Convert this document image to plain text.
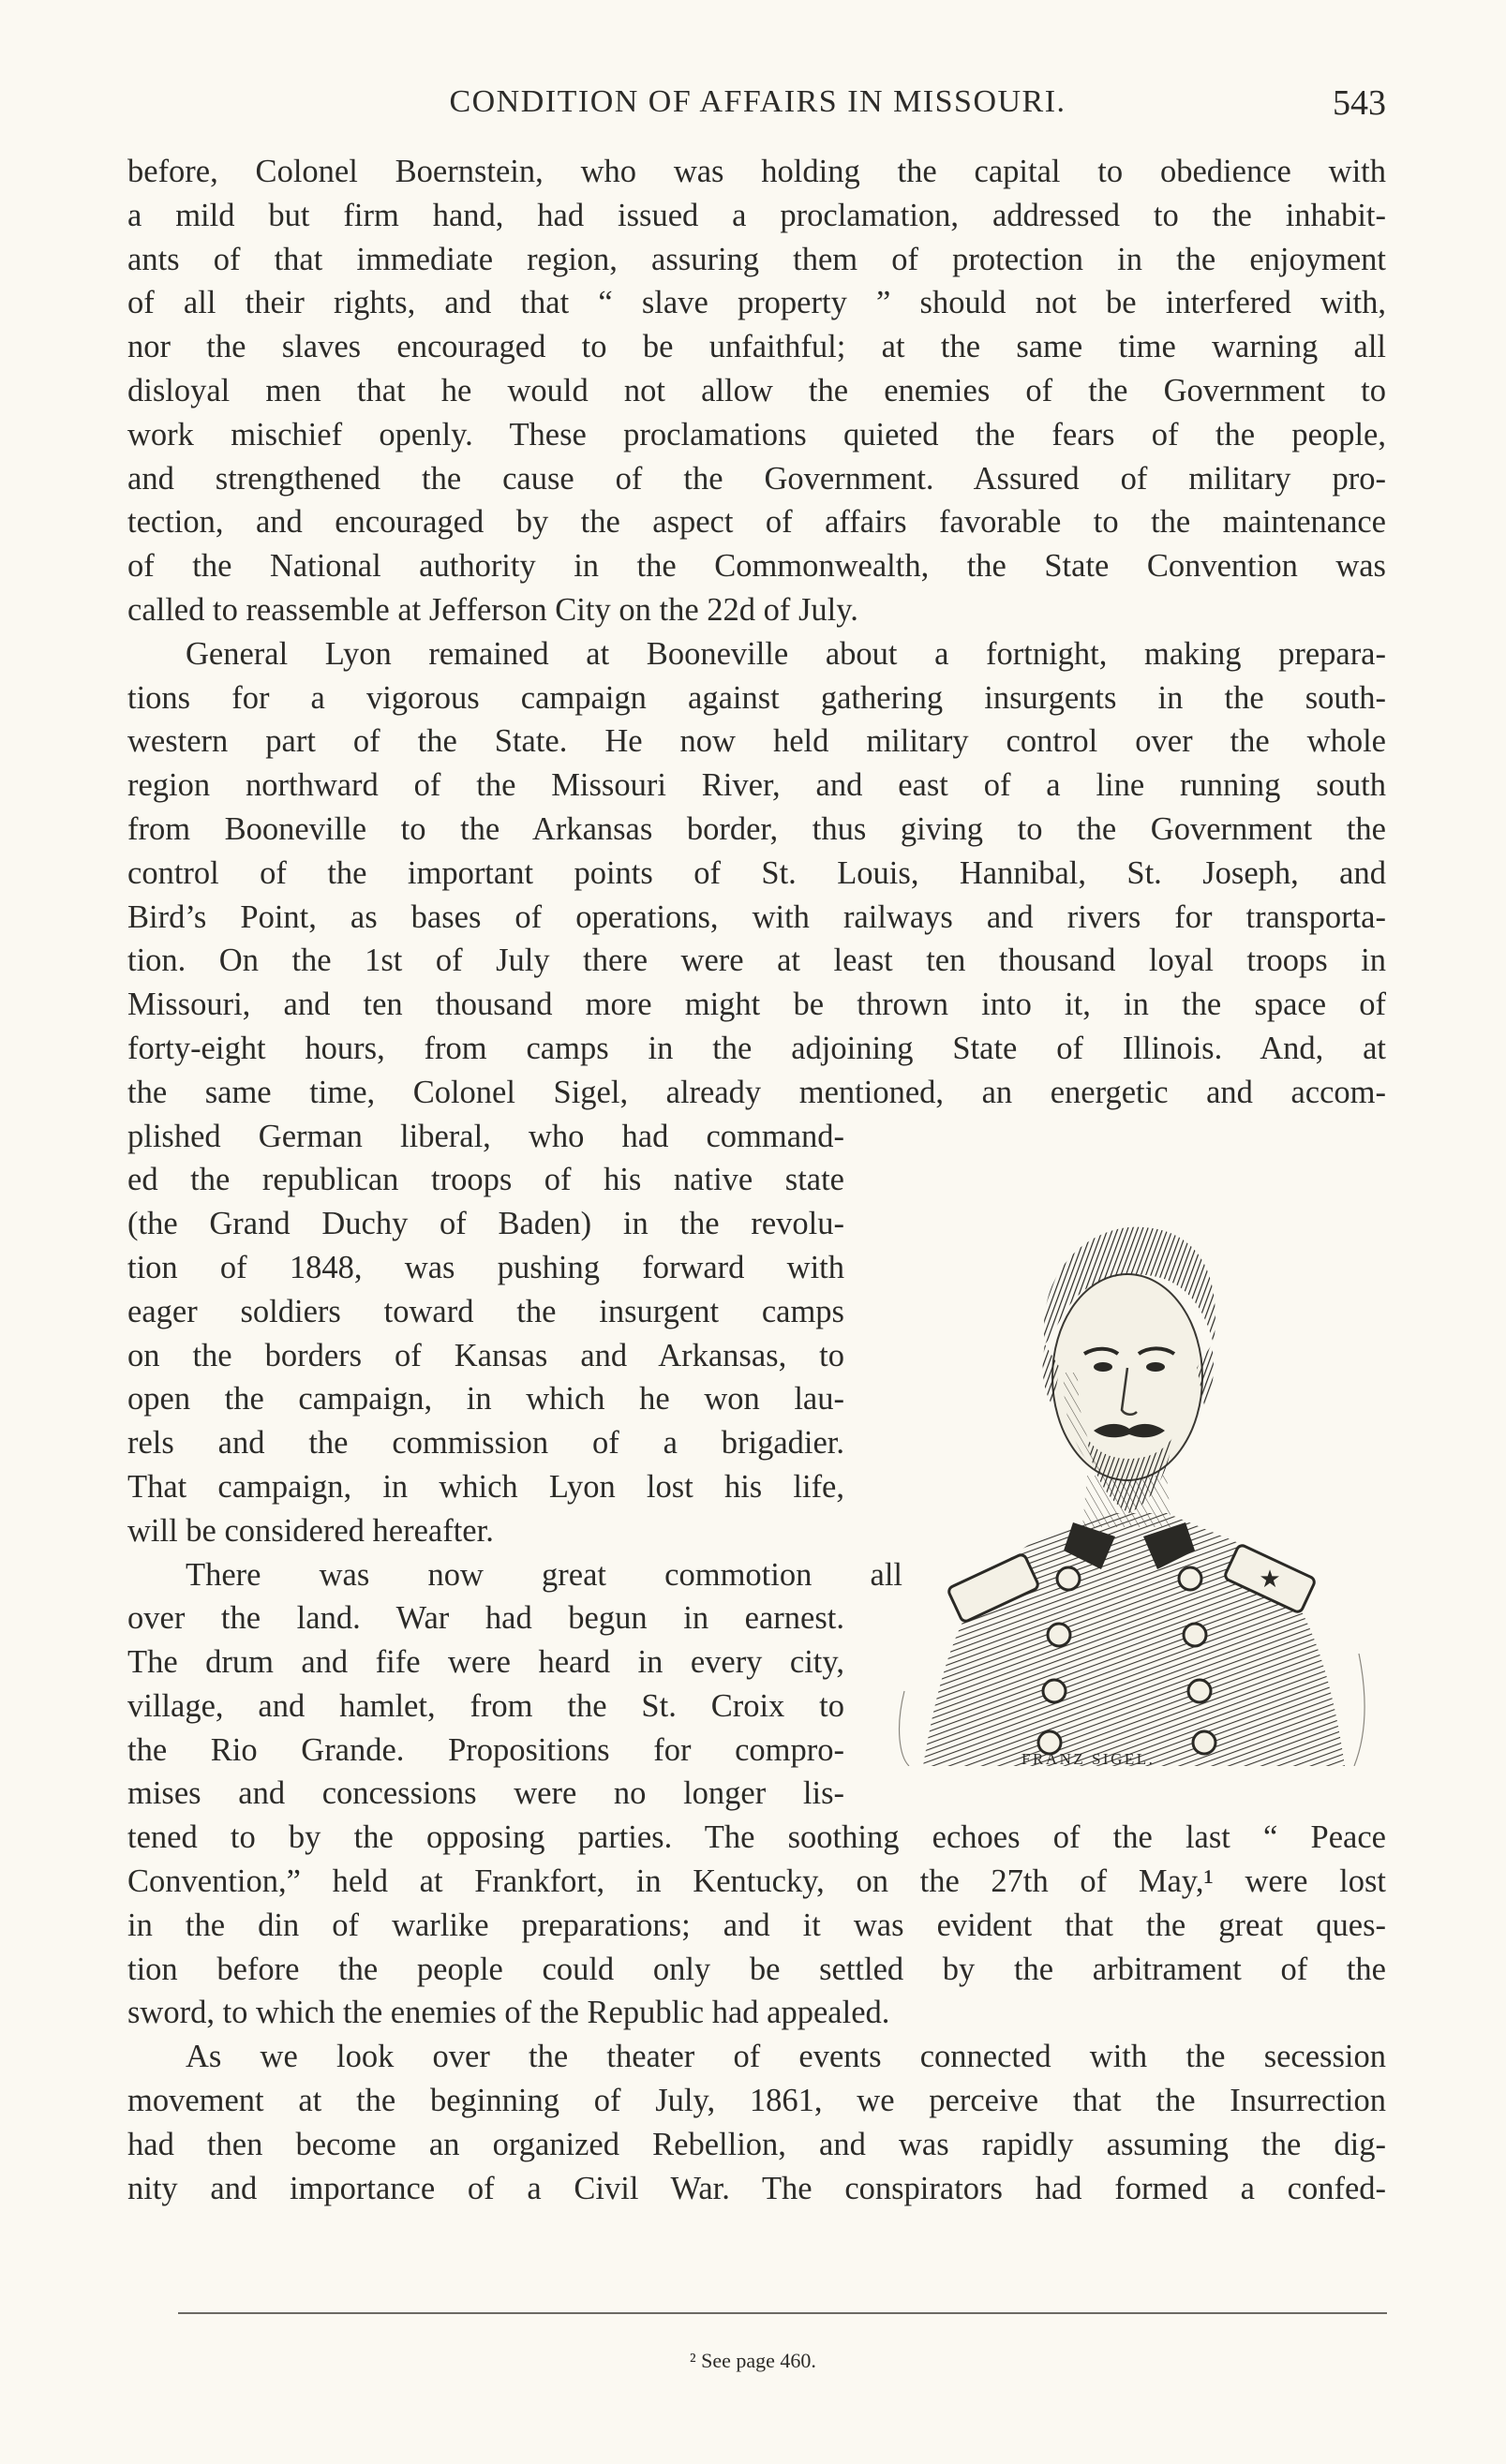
CONDITION OF AFFAIRS IN MISSOURI.	543
before, Colonel Boernstein, who was holding the capital to obedience with
a mild but firm hand, had issued a proclamation, addressed to the inhabit-
ants of that immediate region, assuring them of protection in the enjoyment
of all their rights, and that “ slave property ” should not be interfered with,
nor the slaves encouraged to be unfaithful; at the same time warning all
disloyal men that he would not allow the enemies of the Government to
work mischief openly. These proclamations quieted the fears of the people,
and strengthened the cause of the Government. Assured of military pro-
tection, and encouraged by the aspect of affairs favorable to the maintenance
of the National authority in the Commonwealth, the State Convention was
called to reassemble at Jefferson City on the 22d of July.
General Lyon remained at Booneville about a fortnight, making prepara-
tions for a vigorous campaign against gathering insurgents in the south-
western part of the State. He now held military control over the whole
region northward of the Missouri River, and east of a line running south
from Booneville to the Arkansas border, thus giving to the Government the
control of the important points of St. Louis, Hannibal, St. Joseph, and
Bird’s Point, as bases of operations, with railways and rivers for transporta-
tion. On the 1st of July there were at least ten thousand loyal troops in
Missouri, and ten thousand more might be thrown into it, in the space of
forty-eight hours, from camps in the adjoining State of Illinois. And, at
the same time, Colonel Sigel, already mentioned, an energetic and accom-
plished German liberal, who had command-
ed the republican troops of his native state
(the Grand Duchy of Baden) in the revolu-
tion of 1848, was pushing forward with
eager soldiers toward the insurgent camps
on the borders of Kansas and Arkansas, to
open the campaign, in which he won lau-
rels and the commission of a brigadier.
That campaign, in which Lyon lost his life,
will be considered hereafter.
There was now great commotion all
over the land. War had begun in earnest.
The drum and fife were heard in every city,
village, and hamlet, from the St. Croix to
the Rio Grande. Propositions for compro-
mises and concessions were no longer lis-
tened to by the opposing parties. The soothing echoes of the last “ Peace
Convention,” held at Frankfort, in Kentucky, on the 27th of May,¹ were lost
in the din of warlike preparations; and it was evident that the great ques-
tion before the people could only be settled by the arbitrament of the
sword, to which the enemies of the Republic had appealed.
As we look over the theater of events connected with the secession
movement at the beginning of July, 1861, we perceive that the Insurrection
had then become an organized Rebellion, and was rapidly assuming the dig-
nity and importance of a Civil War. The conspirators had formed a confed-
★
FRANZ SIGEL.
² See page 460.
